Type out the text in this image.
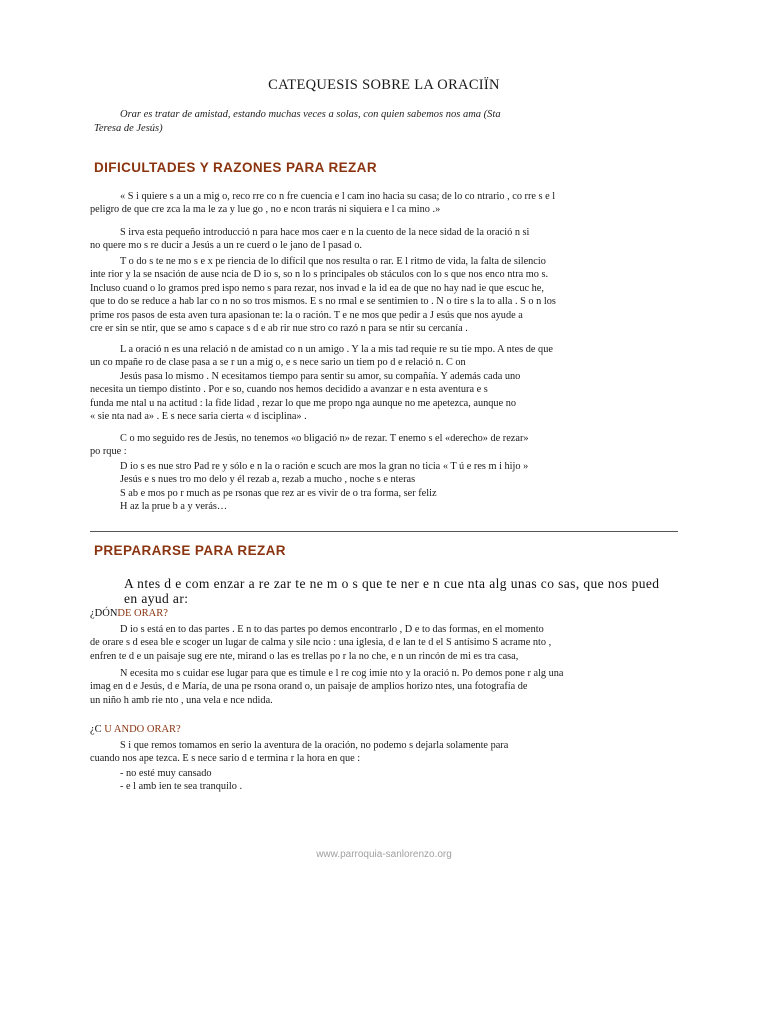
CATEQUESIS SOBRE LA ORACIÏN
Orar es tratar de amistad, estando muchas veces a solas, con quien sabemos nos ama (Sta
Teresa de Jesús)
DIFICULTADES Y RAZONES PARA REZAR
« S i quiere s a un a mig o, reco rre co n fre cuencia e l cam ino hacia su casa; de lo co ntrario , co rre s e l
peligro de que cre zca la ma le za y lue go , no e ncon trarás ni siquiera e l ca mino .»
S irva esta pequeño introducció n para hace mos caer e n la cuento de la nece sidad de la oració n si
no quere mo s re ducir a Jesús a un re cuerd o le jano de l pasad o.
T o do s te ne mo s e x pe riencia de lo difícil que nos resulta o rar. E l ritmo de vida, la falta de silencio
inte rior y la se nsación de ause ncia de D io s, so n lo s principales ob stáculos con lo s que nos enco ntra mo s.
Incluso cuand o lo gramos pred ispo nemo s para rezar, nos invad e la id ea de que no hay nad ie que escuc he,
que to do se reduce a hab lar co n no so tros mismos. E s no rmal e se sentimien to . N o tire s la to alla . S o n los
prime ros pasos de esta aven tura apasionan te: la o ración. T e ne mos que pedir a J esús que nos ayude a
cre er sin se ntir, que se amo s capace s d e ab rir nue stro co razó n para se ntir su cercanía .
L a oració n es una relació n de amistad co n un amigo . Y la a mis tad requie re su tie mpo. A ntes de que
un co mpañe ro de clase pasa a se r un a mig o, e s nece sario un tiem po d e relació n. C on
Jesús pasa lo mismo . N ecesitamos tiempo para sentir su amor, su compañía. Y además cada uno
necesita un tiempo distinto . Por e so, cuando nos hemos decidido a avanzar e n esta aventura e s
funda me ntal u na actitud : la fide lidad , rezar lo que me propo nga aunque no me apetezca, aunque no
« sie nta nad a» . E s nece saria cierta « d isciplina» .
C o mo seguido res de Jesús, no tenemos «o bligació n» de rezar. T enemo s el «derecho» de rezar»
po rque :
D io s es nue stro Pad re y sólo e n la o ración e scuch are mos la gran no ticia « T ú e res m i hijo »
Jesús e s nues tro mo delo y él rezab a, rezab a mucho , noche s e nteras
S ab e mos po r much as pe rsonas que rez ar es vivir de o tra forma, ser feliz
H az la prue b a y verás…
PREPARARSE PARA REZAR
A ntes d e com enzar a re zar te ne m o s que te ner e n cue nta alg unas co sas, que nos pued
en ayud ar:
¿DÓNDE ORAR?
D io s está en to das partes . E n to das partes po demos encontrarlo , D e to das formas, en el momento
de orare s d esea ble e scoger un lugar de calma y sile ncio : una iglesia, d e lan te d el S antísimo S acrame nto ,
enfren te d e un paisaje sug ere nte, mirand o las es trellas po r la no che, e n un rincón de mi es tra casa,
N ecesita mo s cuidar ese lugar para que es timule e l re cog imie nto y la oració n. Po demos pone r alg una
imag en d e Jesús, d e María, de una pe rsona orand o, un paisaje de amplios horizo ntes, una fotografía de
un niño h amb rie nto , una vela e nce ndida.
¿C U ANDO ORAR?
S i que remos tomamos en serio la aventura de la oración, no podemo s dejarla solamente para
cuando nos ape tezca. E s nece sario d e termina r la hora en que :
- no esté muy cansado
- e l amb ien te sea tranquilo .
www.parroquia-sanlorenzo.org
